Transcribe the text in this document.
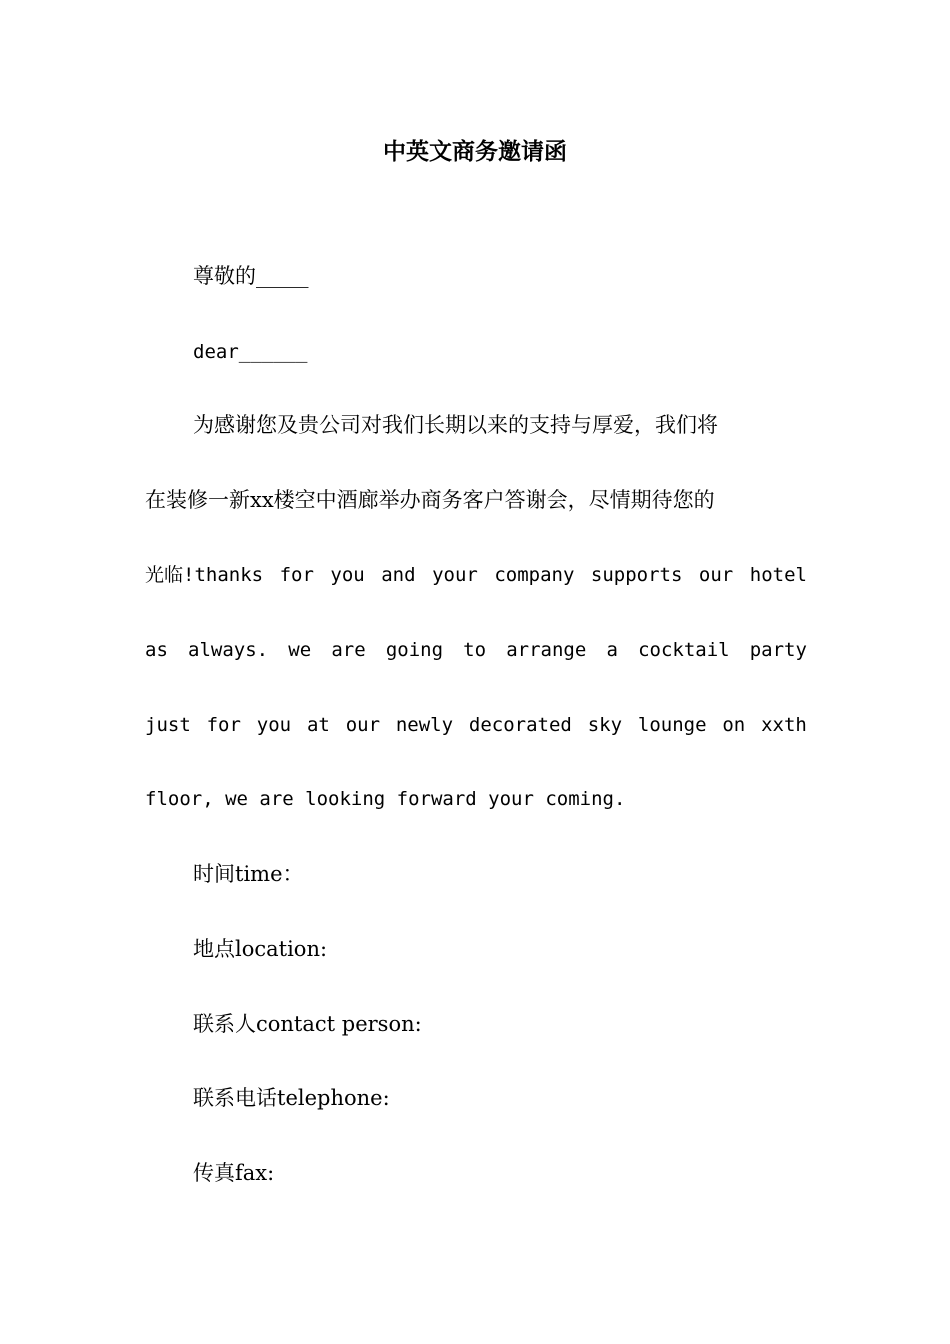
中英文商务邀请函
尊敬的_____
dear______
为感谢您及贵公司对我们长期以来的支持与厚爱，我们将
在装修一新xx楼空中酒廊举办商务客户答谢会，尽情期待您的
光临!thanks for you and your company supports our hotel
as always. we are going to arrange a cocktail party
just for you at our newly decorated sky lounge on xxth
floor, we are looking forward your coming.
时间time：
地点location:
联系人contact person:
联系电话telephone:
传真fax:
